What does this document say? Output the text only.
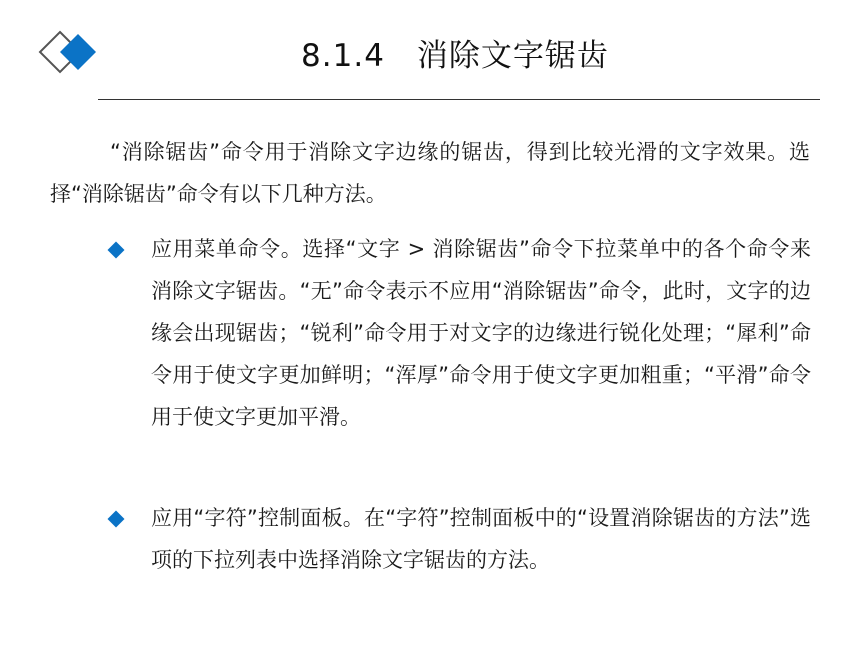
8.1.4　消除文字锯齿

“消除锯齿”命令用于消除文字边缘的锯齿，得到比较光滑的文字效果。选择“消除锯齿”命令有以下几种方法。

应用菜单命令。选择“文字 > 消除锯齿”命令下拉菜单中的各个命令来消除文字锯齿。“无”命令表示不应用“消除锯齿”命令，此时，文字的边缘会出现锯齿；“锐利”命令用于对文字的边缘进行锐化处理；“犀利”命令用于使文字更加鲜明；“浑厚”命令用于使文字更加粗重；“平滑”命令用于使文字更加平滑。

应用“字符”控制面板。在“字符”控制面板中的“设置消除锯齿的方法”选项的下拉列表中选择消除文字锯齿的方法。
